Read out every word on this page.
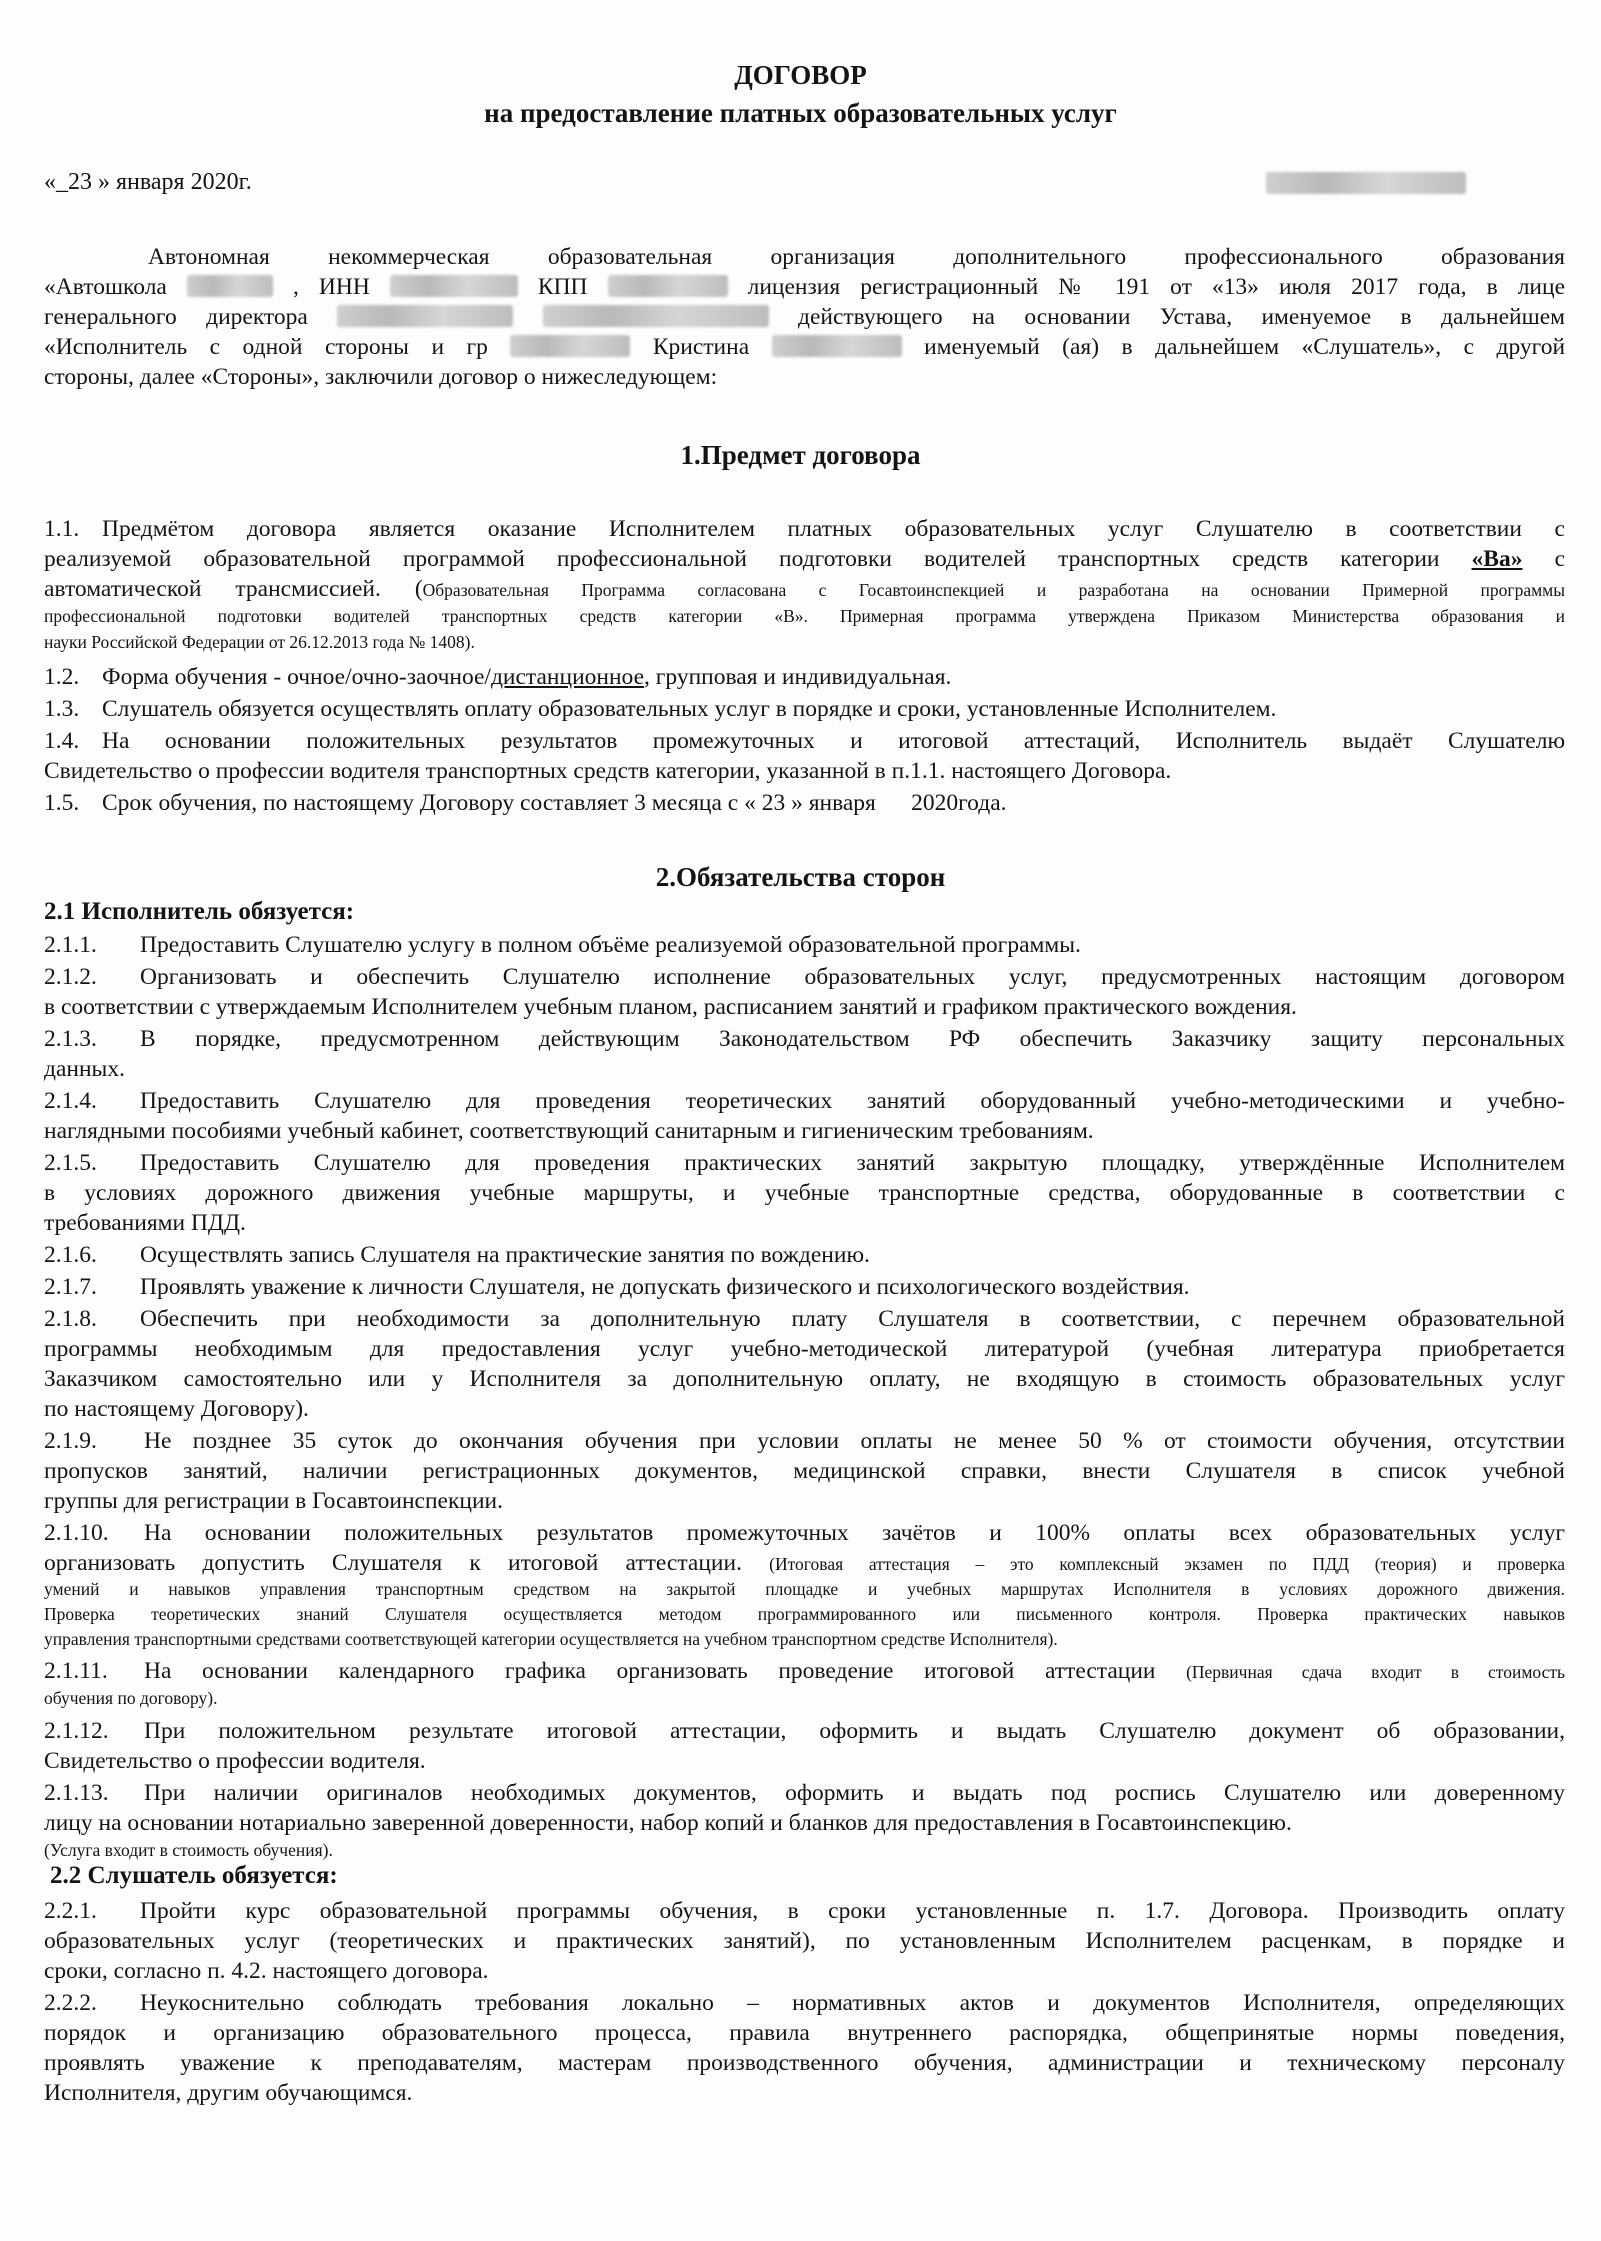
ДОГОВОР
на предоставление платных образовательных услуг
«_23 » января 2020г.
Автономная некоммерческая образовательная организация дополнительного профессионального образования
«Автошкола	, ИНН	КПП	лицензия регистрационный № 191 от «13» июля 2017 года, в лице
генерального директора	действующего на основании Устава, именуемое в дальнейшем
«Исполнитель с одной стороны и гр	Кристина	именуемый (ая) в дальнейшем «Слушатель», с другой
стороны, далее «Стороны», заключили договор о нижеследующем:
1.Предмет договора
1.1. Предмётом договора является оказание Исполнителем платных образовательных услуг Слушателю в соответствии с
реализуемой образовательной программой профессиональной подготовки водителей транспортных средств категории «Ва» с
автоматической трансмиссией. (Образовательная Программа согласована с Госавтоинспекцией и разработана на основании Примерной программы
профессиональной подготовки водителей транспортных средств категории «В». Примерная программа утверждена Приказом Министерства образования и
науки Российской Федерации от 26.12.2013 года № 1408).
1.2. Форма обучения - очное/очно-заочное/дистанционное, групповая и индивидуальная.
1.3. Слушатель обязуется осуществлять оплату образовательных услуг в порядке и сроки, установленные Исполнителем.
1.4. На основании положительных результатов промежуточных и итоговой аттестаций, Исполнитель выдаёт Слушателю
Свидетельство о профессии водителя транспортных средств категории, указанной в п.1.1. настоящего Договора.
1.5. Срок обучения, по настоящему Договору составляет 3 месяца с « 23 » января      2020года.
2.Обязательства сторон
2.1 Исполнитель обязуется:
2.1.1. Предоставить Слушателю услугу в полном объёме реализуемой образовательной программы.
2.1.2. Организовать и обеспечить Слушателю исполнение образовательных услуг, предусмотренных настоящим договором
в соответствии с утверждаемым Исполнителем учебным планом, расписанием занятий и графиком практического вождения.
2.1.3. В порядке, предусмотренном действующим Законодательством РФ обеспечить Заказчику защиту персональных
данных.
2.1.4. Предоставить Слушателю для проведения теоретических занятий оборудованный учебно-методическими и учебно-
наглядными пособиями учебный кабинет, соответствующий санитарным и гигиеническим требованиям.
2.1.5. Предоставить Слушателю для проведения практических занятий закрытую площадку, утверждённые Исполнителем
в условиях дорожного движения учебные маршруты, и учебные транспортные средства, оборудованные в соответствии с
требованиями ПДД.
2.1.6. Осуществлять запись Слушателя на практические занятия по вождению.
2.1.7. Проявлять уважение к личности Слушателя, не допускать физического и психологического воздействия.
2.1.8. Обеспечить при необходимости за дополнительную плату Слушателя в соответствии, с перечнем образовательной
программы необходимым для предоставления услуг учебно-методической литературой (учебная литература приобретается
Заказчиком самостоятельно или у Исполнителя за дополнительную оплату, не входящую в стоимость образовательных услуг
по настоящему Договору).
2.1.9. Не позднее 35 суток до окончания обучения при условии оплаты не менее 50 % от стоимости обучения, отсутствии
пропусков занятий, наличии регистрационных документов, медицинской справки, внести Слушателя в список учебной
группы для регистрации в Госавтоинспекции.
2.1.10. На основании положительных результатов промежуточных зачётов и 100% оплаты всех образовательных услуг
организовать допустить Слушателя к итоговой аттестации. (Итоговая аттестация – это комплексный экзамен по ПДД (теория) и проверка
умений и навыков управления транспортным средством на закрытой площадке и учебных маршрутах Исполнителя в условиях дорожного движения.
Проверка теоретических знаний Слушателя осуществляется методом программированного или письменного контроля. Проверка практических навыков
управления транспортными средствами соответствующей категории осуществляется на учебном транспортном средстве Исполнителя).
2.1.11. На основании календарного графика организовать проведение итоговой аттестации (Первичная сдача входит в стоимость
обучения по договору).
2.1.12. При положительном результате итоговой аттестации, оформить и выдать Слушателю документ об образовании,
Свидетельство о профессии водителя.
2.1.13. При наличии оригиналов необходимых документов, оформить и выдать под роспись Слушателю или доверенному
лицу на основании нотариально заверенной доверенности, набор копий и бланков для предоставления в Госавтоинспекцию.
(Услуга входит в стоимость обучения).
2.2 Слушатель обязуется:
2.2.1. Пройти курс образовательной программы обучения, в сроки установленные п. 1.7. Договора. Производить оплату
образовательных услуг (теоретических и практических занятий), по установленным Исполнителем расценкам, в порядке и
сроки, согласно п. 4.2. настоящего договора.
2.2.2. Неукоснительно соблюдать требования локально – нормативных актов и документов Исполнителя, определяющих
порядок и организацию образовательного процесса, правила внутреннего распорядка, общепринятые нормы поведения,
проявлять уважение к преподавателям, мастерам производственного обучения, администрации и техническому персоналу
Исполнителя, другим обучающимся.
